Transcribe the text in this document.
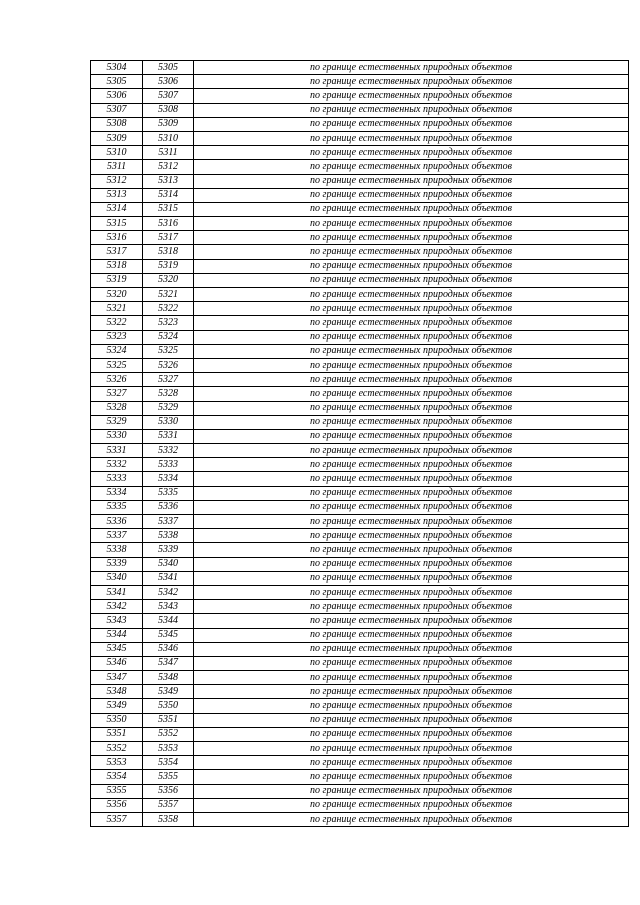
5304	5305	по границе естественных природных объектов
5305	5306	по границе естественных природных объектов
5306	5307	по границе естественных природных объектов
5307	5308	по границе естественных природных объектов
5308	5309	по границе естественных природных объектов
5309	5310	по границе естественных природных объектов
5310	5311	по границе естественных природных объектов
5311	5312	по границе естественных природных объектов
5312	5313	по границе естественных природных объектов
5313	5314	по границе естественных природных объектов
5314	5315	по границе естественных природных объектов
5315	5316	по границе естественных природных объектов
5316	5317	по границе естественных природных объектов
5317	5318	по границе естественных природных объектов
5318	5319	по границе естественных природных объектов
5319	5320	по границе естественных природных объектов
5320	5321	по границе естественных природных объектов
5321	5322	по границе естественных природных объектов
5322	5323	по границе естественных природных объектов
5323	5324	по границе естественных природных объектов
5324	5325	по границе естественных природных объектов
5325	5326	по границе естественных природных объектов
5326	5327	по границе естественных природных объектов
5327	5328	по границе естественных природных объектов
5328	5329	по границе естественных природных объектов
5329	5330	по границе естественных природных объектов
5330	5331	по границе естественных природных объектов
5331	5332	по границе естественных природных объектов
5332	5333	по границе естественных природных объектов
5333	5334	по границе естественных природных объектов
5334	5335	по границе естественных природных объектов
5335	5336	по границе естественных природных объектов
5336	5337	по границе естественных природных объектов
5337	5338	по границе естественных природных объектов
5338	5339	по границе естественных природных объектов
5339	5340	по границе естественных природных объектов
5340	5341	по границе естественных природных объектов
5341	5342	по границе естественных природных объектов
5342	5343	по границе естественных природных объектов
5343	5344	по границе естественных природных объектов
5344	5345	по границе естественных природных объектов
5345	5346	по границе естественных природных объектов
5346	5347	по границе естественных природных объектов
5347	5348	по границе естественных природных объектов
5348	5349	по границе естественных природных объектов
5349	5350	по границе естественных природных объектов
5350	5351	по границе естественных природных объектов
5351	5352	по границе естественных природных объектов
5352	5353	по границе естественных природных объектов
5353	5354	по границе естественных природных объектов
5354	5355	по границе естественных природных объектов
5355	5356	по границе естественных природных объектов
5356	5357	по границе естественных природных объектов
5357	5358	по границе естественных природных объектов
